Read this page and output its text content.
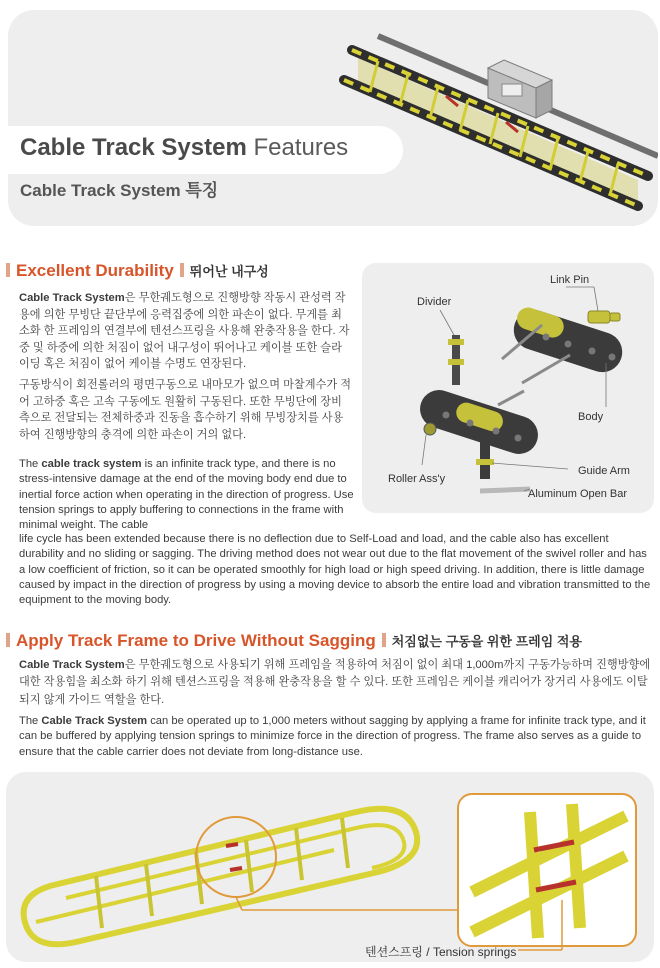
Cable Track System Features
Cable Track System 특징
Excellent Durability 뛰어난 내구성

Cable Track System은 무한궤도형으로 진행방향 작동시 관성력 작용에 의한 무빙단 끝단부에 응력집중에 의한 파손이 없다. 무게를 최소화 한 프레임의 연결부에 텐션스프링을 사용해 완충작용을 한다. 자중 및 하중에 의한 처짐이 없어 내구성이 뛰어나고 케이블 또한 슬라이딩 혹은 처짐이 없어 케이블 수명도 연장된다.

구동방식이 회전롤러의 평면구동으로 내마모가 없으며 마찰계수가 적어 고하중 혹은 고속 구동에도 원활히 구동된다. 또한 무빙단에 장비측으로 전달되는 전체하중과 진동을 흡수하기 위해 무빙장치를 사용하여 진행방향의 충격에 의한 파손이 거의 없다.

The cable track system is an infinite track type, and there is no stress-intensive damage at the end of the moving body end due to inertial force action when operating in the direction of progress. Use tension springs to apply buffering to connections in the frame with minimal weight. The cable

life cycle has been extended because there is no deflection due to Self-Load and load, and the cable also has excellent durability and no sliding or sagging. The driving method does not wear out due to the flat movement of the swivel roller and has a low coefficient of friction, so it can be operated smoothly for high load or high speed driving. In addition, there is little damage caused by impact in the direction of progress by using a moving device to absorb the entire load and vibration transmitted to the equipment to the moving body.

Link Pin
Divider
Body
Roller Ass'y
Guide Arm
Aluminum Open Bar
Apply Track Frame to Drive Without Sagging 처짐없는 구동을 위한 프레임 적용

Cable Track System은 무한궤도형으로 사용되기 위해 프레임을 적용하여 처짐이 없이 최대 1,000m까지 구동가능하며 진행방향에 대한 작용힘을 최소화 하기 위해 텐션스프링을 적용해 완충작용을 할 수 있다. 또한 프레임은 케이블 캐리어가 장거리 사용에도 이탈되지 않게 가이드 역할을 한다.

The Cable Track System can be operated up to 1,000 meters without sagging by applying a frame for infinite track type, and it can be buffered by applying tension springs to minimize force in the direction of progress. The frame also serves as a guide to ensure that the cable carrier does not deviate from long-distance use.

텐션스프링 / Tension springs
